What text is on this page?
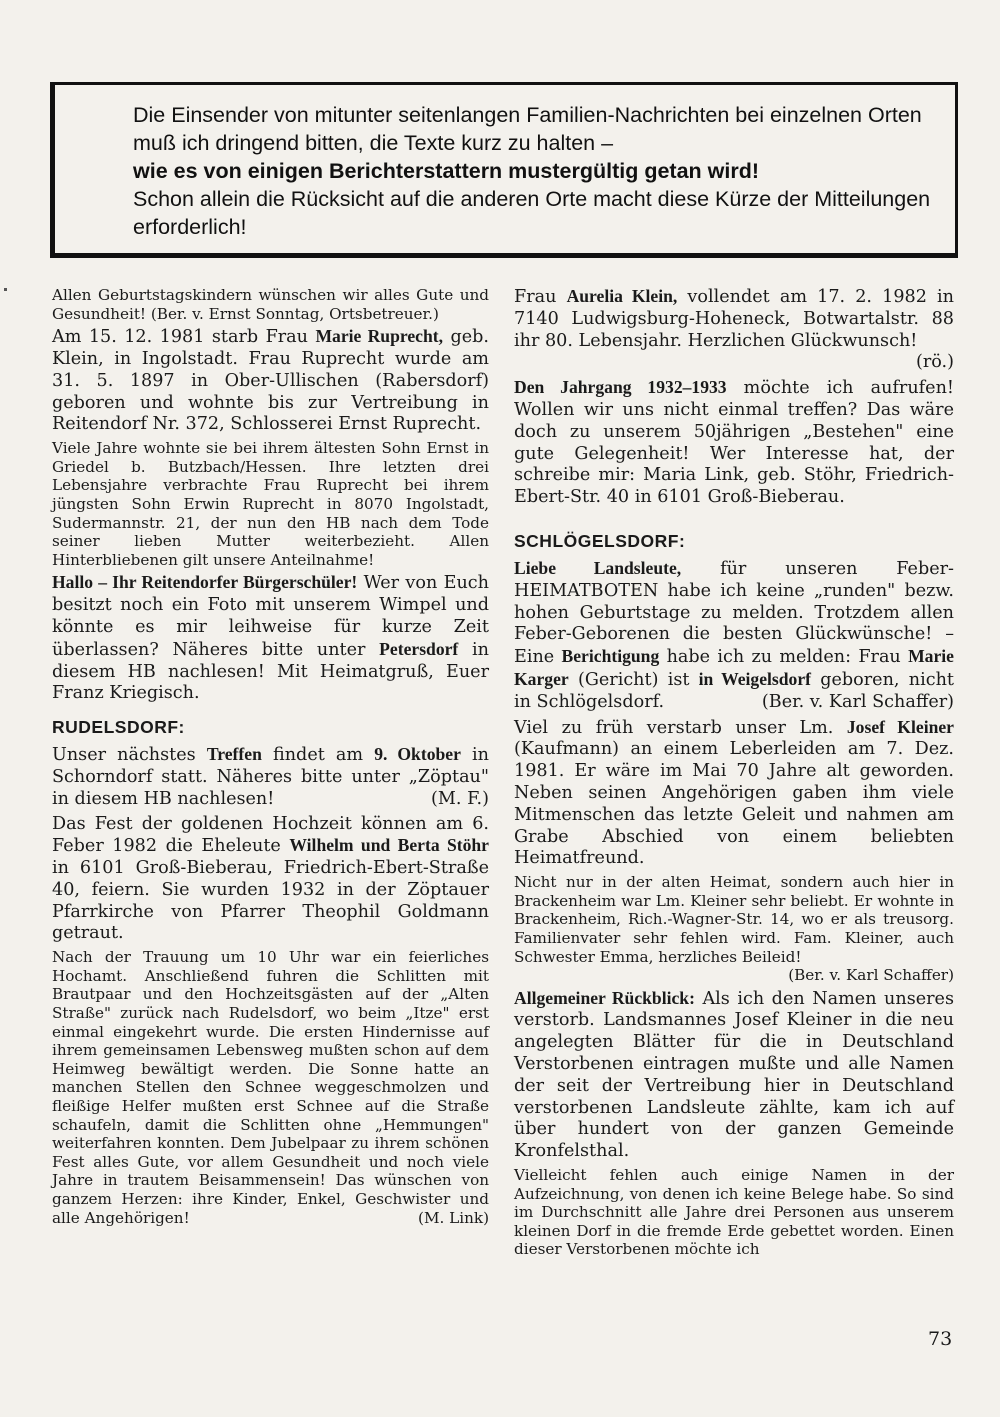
Die Einsender von mitunter seitenlangen Familien-Nachrichten bei einzelnen Orten muß ich dringend bitten, die Texte kurz zu halten –
wie es von einigen Berichterstattern mustergültig getan wird!
Schon allein die Rücksicht auf die anderen Orte macht diese Kürze der Mitteilungen erforderlich!

Allen Geburtstagskindern wünschen wir alles Gute und Gesundheit! (Ber. v. Ernst Sonntag, Ortsbetreuer.)

Am 15. 12. 1981 starb Frau Marie Ruprecht, geb. Klein, in Ingolstadt. Frau Ruprecht wurde am 31. 5. 1897 in Ober-Ullischen (Rabersdorf) geboren und wohnte bis zur Vertreibung in Reitendorf Nr. 372, Schlosserei Ernst Ruprecht.

Viele Jahre wohnte sie bei ihrem ältesten Sohn Ernst in Griedel b. Butzbach/Hessen. Ihre letzten drei Lebensjahre verbrachte Frau Ruprecht bei ihrem jüngsten Sohn Erwin Ruprecht in 8070 Ingolstadt, Sudermannstr. 21, der nun den HB nach dem Tode seiner lieben Mutter weiterbezieht. Allen Hinterbliebenen gilt unsere Anteilnahme!

Hallo – Ihr Reitendorfer Bürgerschüler! Wer von Euch besitzt noch ein Foto mit unserem Wimpel und könnte es mir leihweise für kurze Zeit überlassen? Näheres bitte unter Petersdorf in diesem HB nachlesen! Mit Heimatgruß, Euer Franz Kriegisch.

RUDELSDORF:

Unser nächstes Treffen findet am 9. Oktober in Schorndorf statt. Näheres bitte unter „Zöptau" in diesem HB nachlesen!	(M. F.)

Das Fest der goldenen Hochzeit können am 6. Feber 1982 die Eheleute Wilhelm und Berta Stöhr in 6101 Groß-Bieberau, Friedrich-Ebert-Straße 40, feiern. Sie wurden 1932 in der Zöptauer Pfarrkirche von Pfarrer Theophil Goldmann getraut.

Nach der Trauung um 10 Uhr war ein feierliches Hochamt. Anschließend fuhren die Schlitten mit Brautpaar und den Hochzeitsgästen auf der „Alten Straße" zurück nach Rudelsdorf, wo beim „Itze" erst einmal eingekehrt wurde. Die ersten Hindernisse auf ihrem gemeinsamen Lebensweg mußten schon auf dem Heimweg bewältigt werden. Die Sonne hatte an manchen Stellen den Schnee weggeschmolzen und fleißige Helfer mußten erst Schnee auf die Straße schaufeln, damit die Schlitten ohne „Hemmungen" weiterfahren konnten. Dem Jubelpaar zu ihrem schönen Fest alles Gute, vor allem Gesundheit und noch viele Jahre in trautem Beisammensein! Das wünschen von ganzem Herzen: ihre Kinder, Enkel, Geschwister und alle Angehörigen!	(M. Link)

Frau Aurelia Klein, vollendet am 17. 2. 1982 in 7140 Ludwigsburg-Hoheneck, Botwartalstr. 88 ihr 80. Lebensjahr. Herzlichen Glückwunsch!
(rö.)

Den Jahrgang 1932–1933 möchte ich aufrufen! Wollen wir uns nicht einmal treffen? Das wäre doch zu unserem 50jährigen „Bestehen" eine gute Gelegenheit! Wer Interesse hat, der schreibe mir: Maria Link, geb. Stöhr, Friedrich-Ebert-Str. 40 in 6101 Groß-Bieberau.

SCHLÖGELSDORF:

Liebe Landsleute, für unseren Feber-HEIMATBOTEN habe ich keine „runden" bezw. hohen Geburtstage zu melden. Trotzdem allen Feber-Geborenen die besten Glückwünsche! – Eine Berichtigung habe ich zu melden: Frau Marie Karger (Gericht) ist in Weigelsdorf geboren, nicht in Schlögelsdorf.	(Ber. v. Karl Schaffer)

Viel zu früh verstarb unser Lm. Josef Kleiner (Kaufmann) an einem Leberleiden am 7. Dez. 1981. Er wäre im Mai 70 Jahre alt geworden. Neben seinen Angehörigen gaben ihm viele Mitmenschen das letzte Geleit und nahmen am Grabe Abschied von einem beliebten Heimatfreund.

Nicht nur in der alten Heimat, sondern auch hier in Brackenheim war Lm. Kleiner sehr beliebt. Er wohnte in Brackenheim, Rich.-Wagner-Str. 14, wo er als treusorg. Familienvater sehr fehlen wird. Fam. Kleiner, auch Schwester Emma, herzliches Beileid!
(Ber. v. Karl Schaffer)

Allgemeiner Rückblick: Als ich den Namen unseres verstorb. Landsmannes Josef Kleiner in die neu angelegten Blätter für die in Deutschland Verstorbenen eintragen mußte und alle Namen der seit der Vertreibung hier in Deutschland verstorbenen Landsleute zählte, kam ich auf über hundert von der ganzen Gemeinde Kronfelsthal.

Vielleicht fehlen auch einige Namen in der Aufzeichnung, von denen ich keine Belege habe. So sind im Durchschnitt alle Jahre drei Personen aus unserem kleinen Dorf in die fremde Erde gebettet worden. Einen dieser Verstorbenen möchte ich

73
